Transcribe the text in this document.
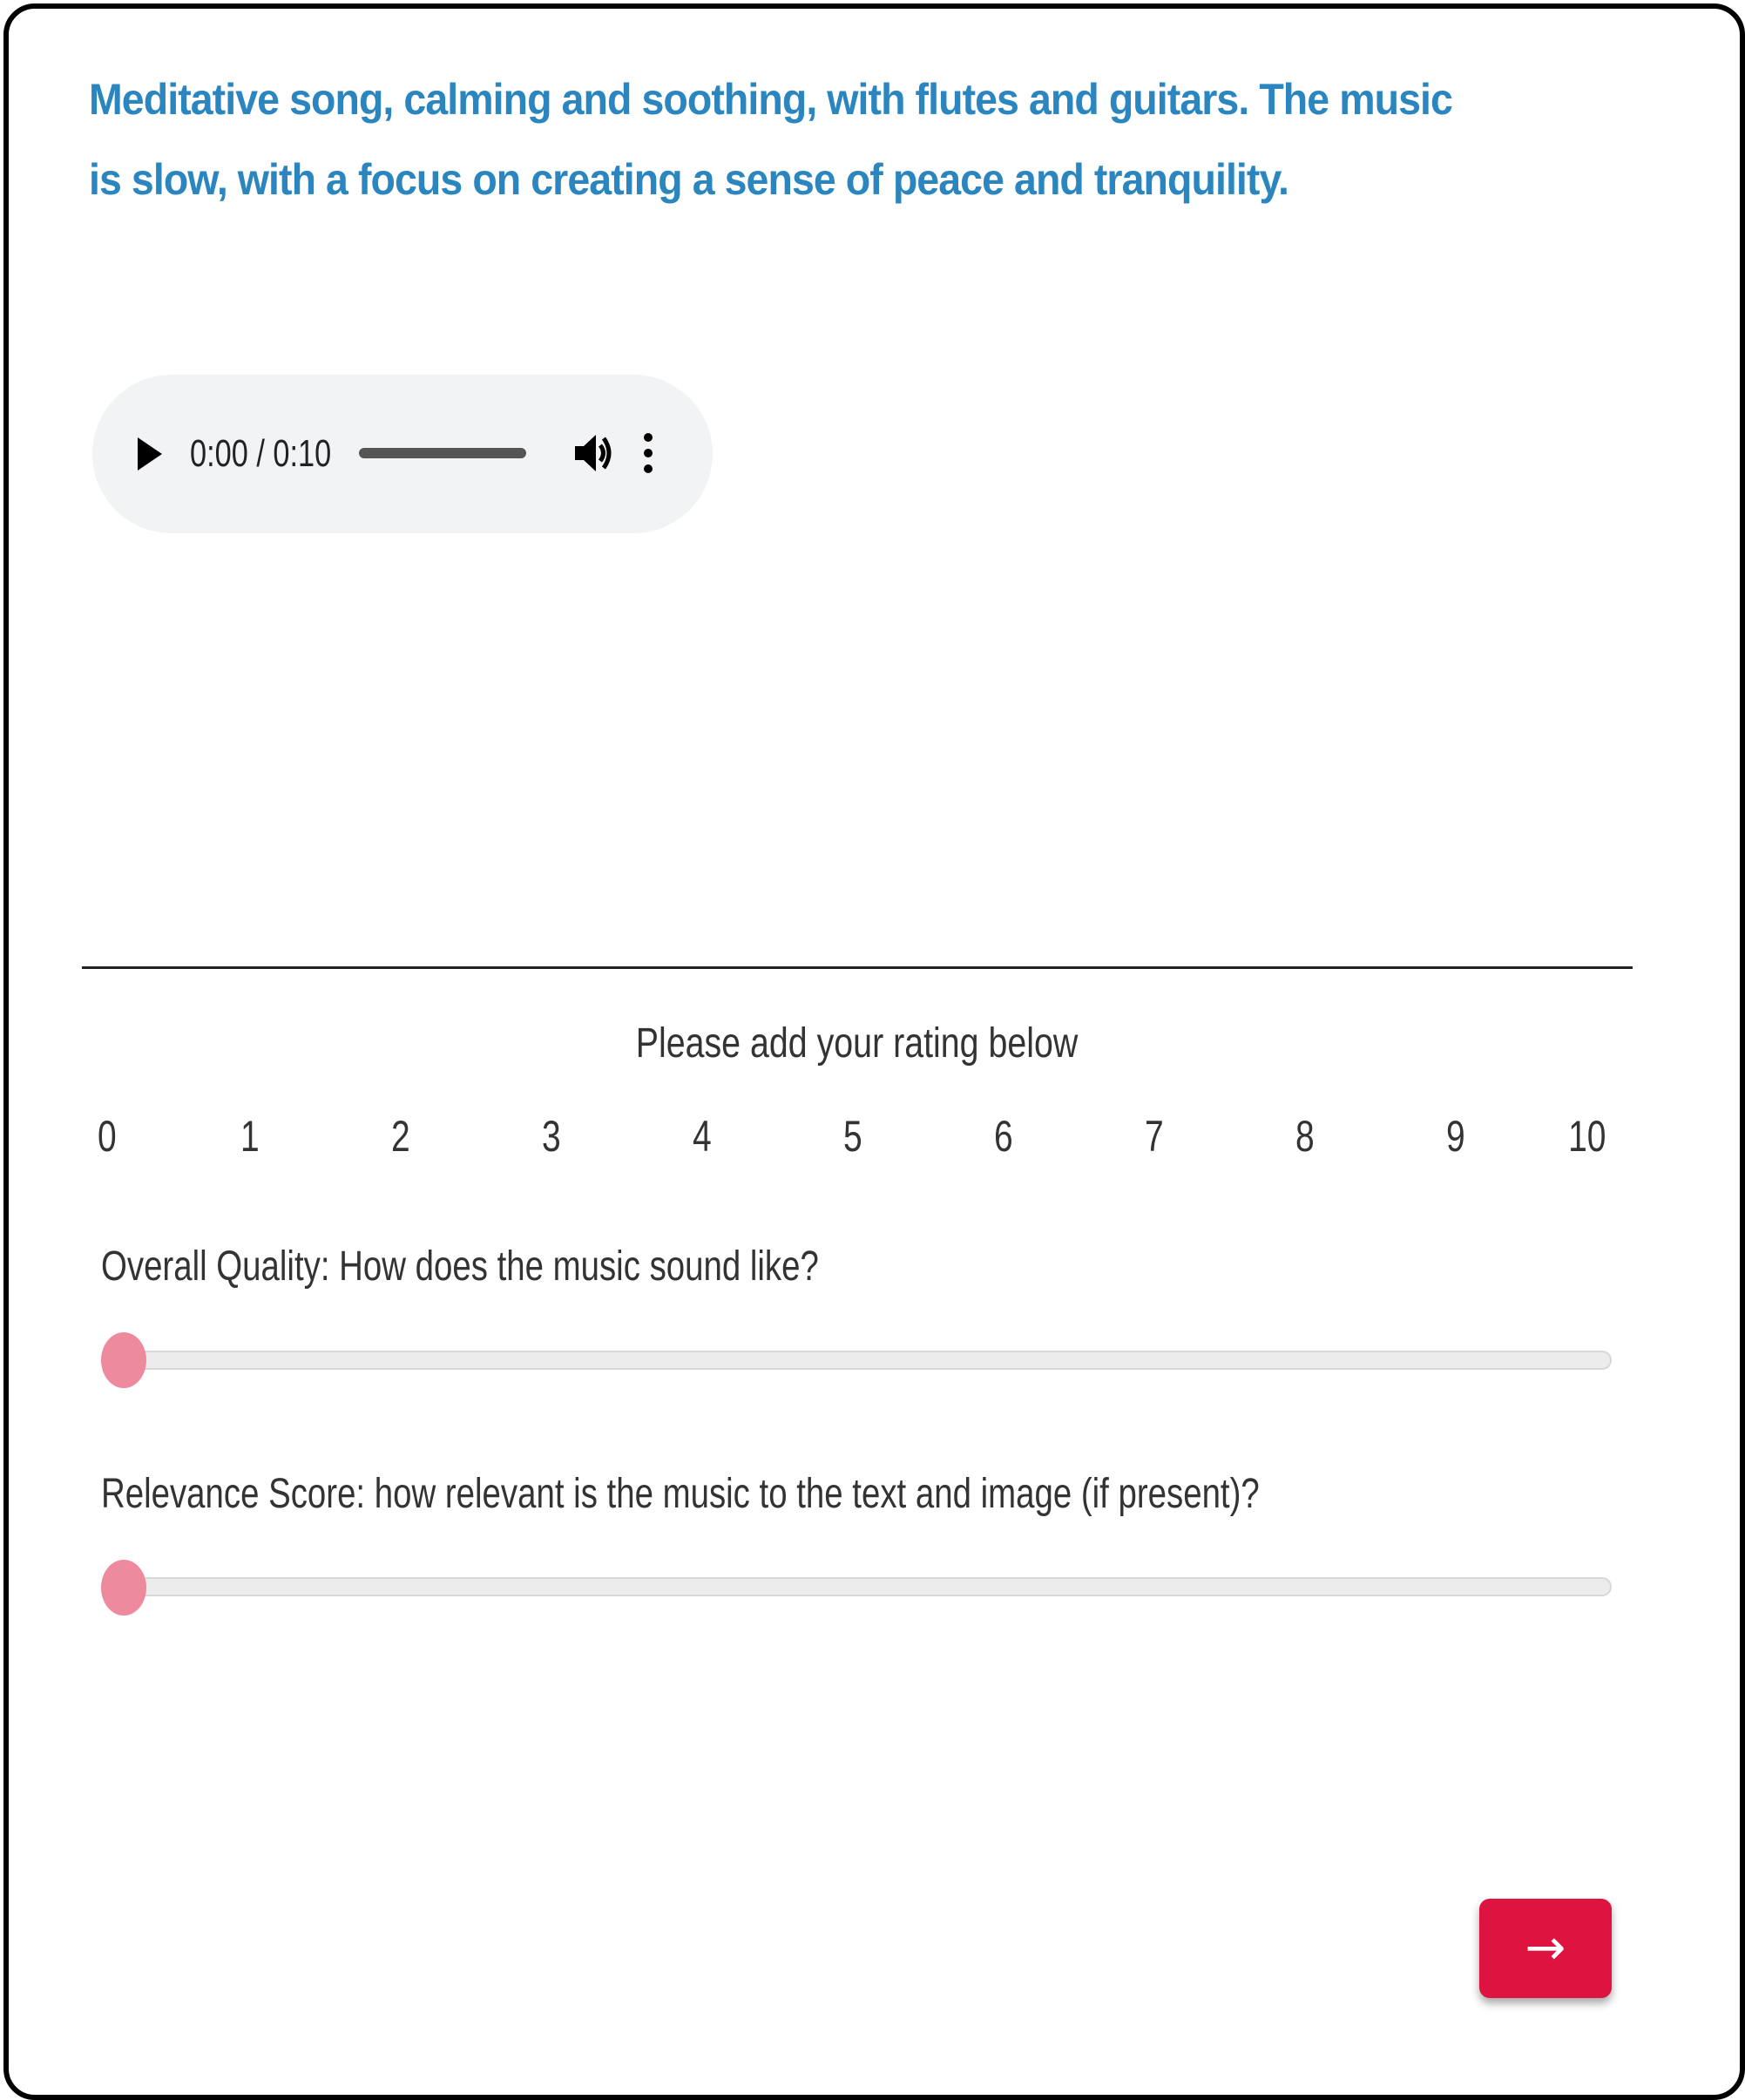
Meditative song, calming and soothing, with flutes and guitars. The music is slow, with a focus on creating a sense of peace and tranquility.

0:00 / 0:10
Please add your rating below
0	1	2	3	4	5	6	7	8	9	10
Overall Quality: How does the music sound like?
Relevance Score: how relevant is the music to the text and image (if present)?
→
